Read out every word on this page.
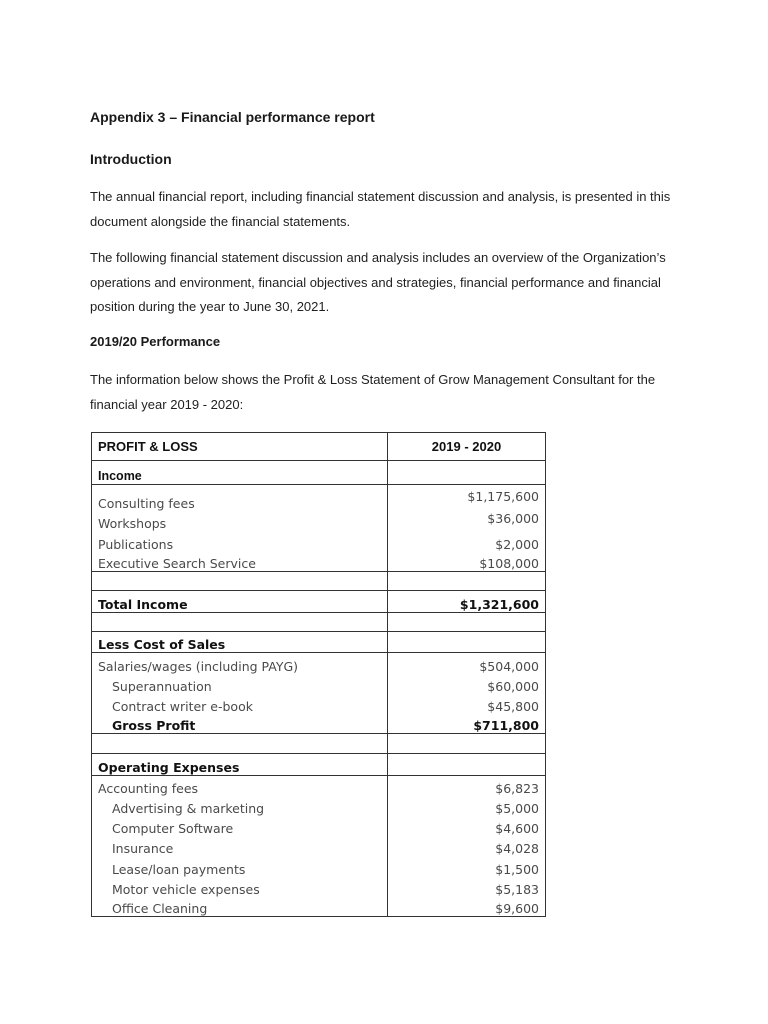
Appendix 3 – Financial performance report
Introduction
The annual financial report, including financial statement discussion and analysis, is presented in this document alongside the financial statements.
The following financial statement discussion and analysis includes an overview of the Organization’s operations and environment, financial objectives and strategies, financial performance and financial position during the year to June 30, 2021.
2019/20 Performance
The information below shows the Profit & Loss Statement of Grow Management Consultant for the financial year 2019 - 2020:
PROFIT & LOSS	2019 - 2020
Income	
Consulting fees	$1,175,600
Workshops	$36,000
Publications	$2,000
Executive Search Service	$108,000

Total Income	$1,321,600

Less Cost of Sales	
Salaries/wages (including PAYG)	$504,000
Superannuation	$60,000
Contract writer e-book	$45,800
Gross Profit	$711,800

Operating Expenses	
Accounting fees	$6,823
Advertising & marketing	$5,000
Computer Software	$4,600
Insurance	$4,028
Lease/loan payments	$1,500
Motor vehicle expenses	$5,183
Office Cleaning	$9,600
